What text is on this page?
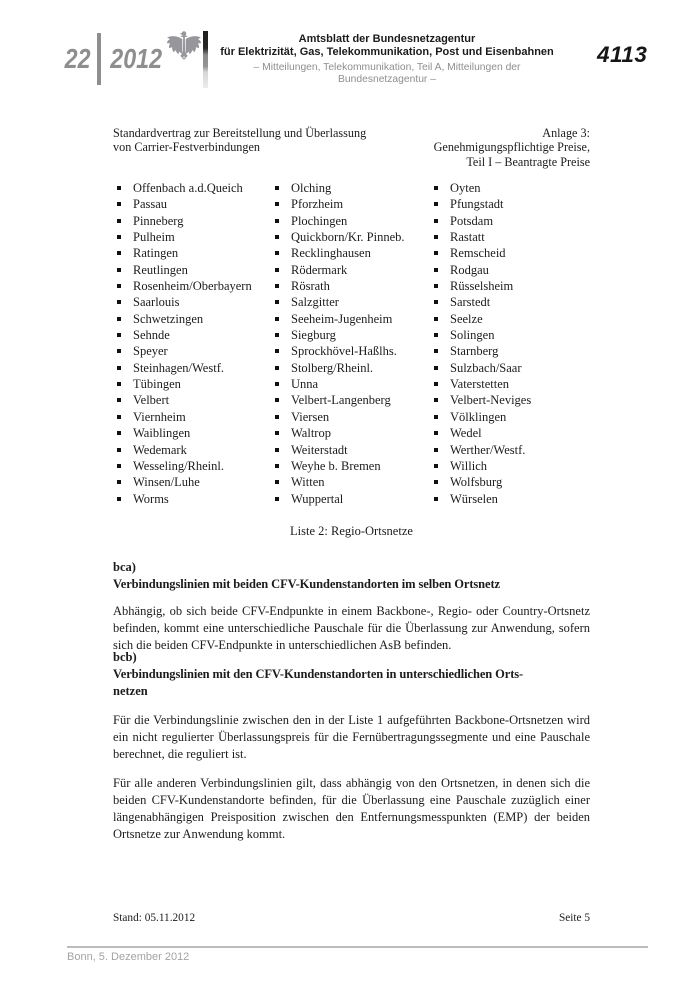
22 2012
Amtsblatt der Bundesnetzagentur
für Elektrizität, Gas, Telekommunikation, Post und Eisenbahnen
– Mitteilungen, Telekommunikation, Teil A, Mitteilungen der Bundesnetzagentur –
4113
Standardvertrag zur Bereitstellung und Überlassung
von Carrier-Festverbindungen
Anlage 3:
Genehmigungspflichtige Preise,
Teil I – Beantragte Preise
Offenbach a.d.Queich
Passau
Pinneberg
Pulheim
Ratingen
Reutlingen
Rosenheim/Oberbayern
Saarlouis
Schwetzingen
Sehnde
Speyer
Steinhagen/Westf.
Tübingen
Velbert
Viernheim
Waiblingen
Wedemark
Wesseling/Rheinl.
Winsen/Luhe
Worms
Olching
Pforzheim
Plochingen
Quickborn/Kr. Pinneb.
Recklinghausen
Rödermark
Rösrath
Salzgitter
Seeheim-Jugenheim
Siegburg
Sprockhövel-Haßlhs.
Stolberg/Rheinl.
Unna
Velbert-Langenberg
Viersen
Waltrop
Weiterstadt
Weyhe b. Bremen
Witten
Wuppertal
Oyten
Pfungstadt
Potsdam
Rastatt
Remscheid
Rodgau
Rüsselsheim
Sarstedt
Seelze
Solingen
Starnberg
Sulzbach/Saar
Vaterstetten
Velbert-Neviges
Völklingen
Wedel
Werther/Westf.
Willich
Wolfsburg
Würselen
Liste 2: Regio-Ortsnetze
bca)
Verbindungslinien mit beiden CFV-Kundenstandorten im selben Ortsnetz

Abhängig, ob sich beide CFV-Endpunkte in einem Backbone-, Regio- oder Country-Ortsnetz befinden, kommt eine unterschiedliche Pauschale für die Überlassung zur Anwendung, sofern sich die beiden CFV-Endpunkte in unterschiedlichen AsB befinden.

bcb)
Verbindungslinien mit den CFV-Kundenstandorten in unterschiedlichen Orts-
netzen

Für die Verbindungslinie zwischen den in der Liste 1 aufgeführten Backbone-Ortsnetzen wird ein nicht regulierter Überlassungspreis für die Fernübertragungssegmente und eine Pauschale berechnet, die reguliert ist.

Für alle anderen Verbindungslinien gilt, dass abhängig von den Ortsnetzen, in denen sich die beiden CFV-Kundenstandorte befinden, für die Überlassung eine Pauschale zuzüglich einer längenabhängigen Preisposition zwischen den Entfernungsmesspunkten (EMP) der beiden Ortsnetze zur Anwendung kommt.

Stand: 05.11.2012	Seite 5
Bonn, 5. Dezember 2012
